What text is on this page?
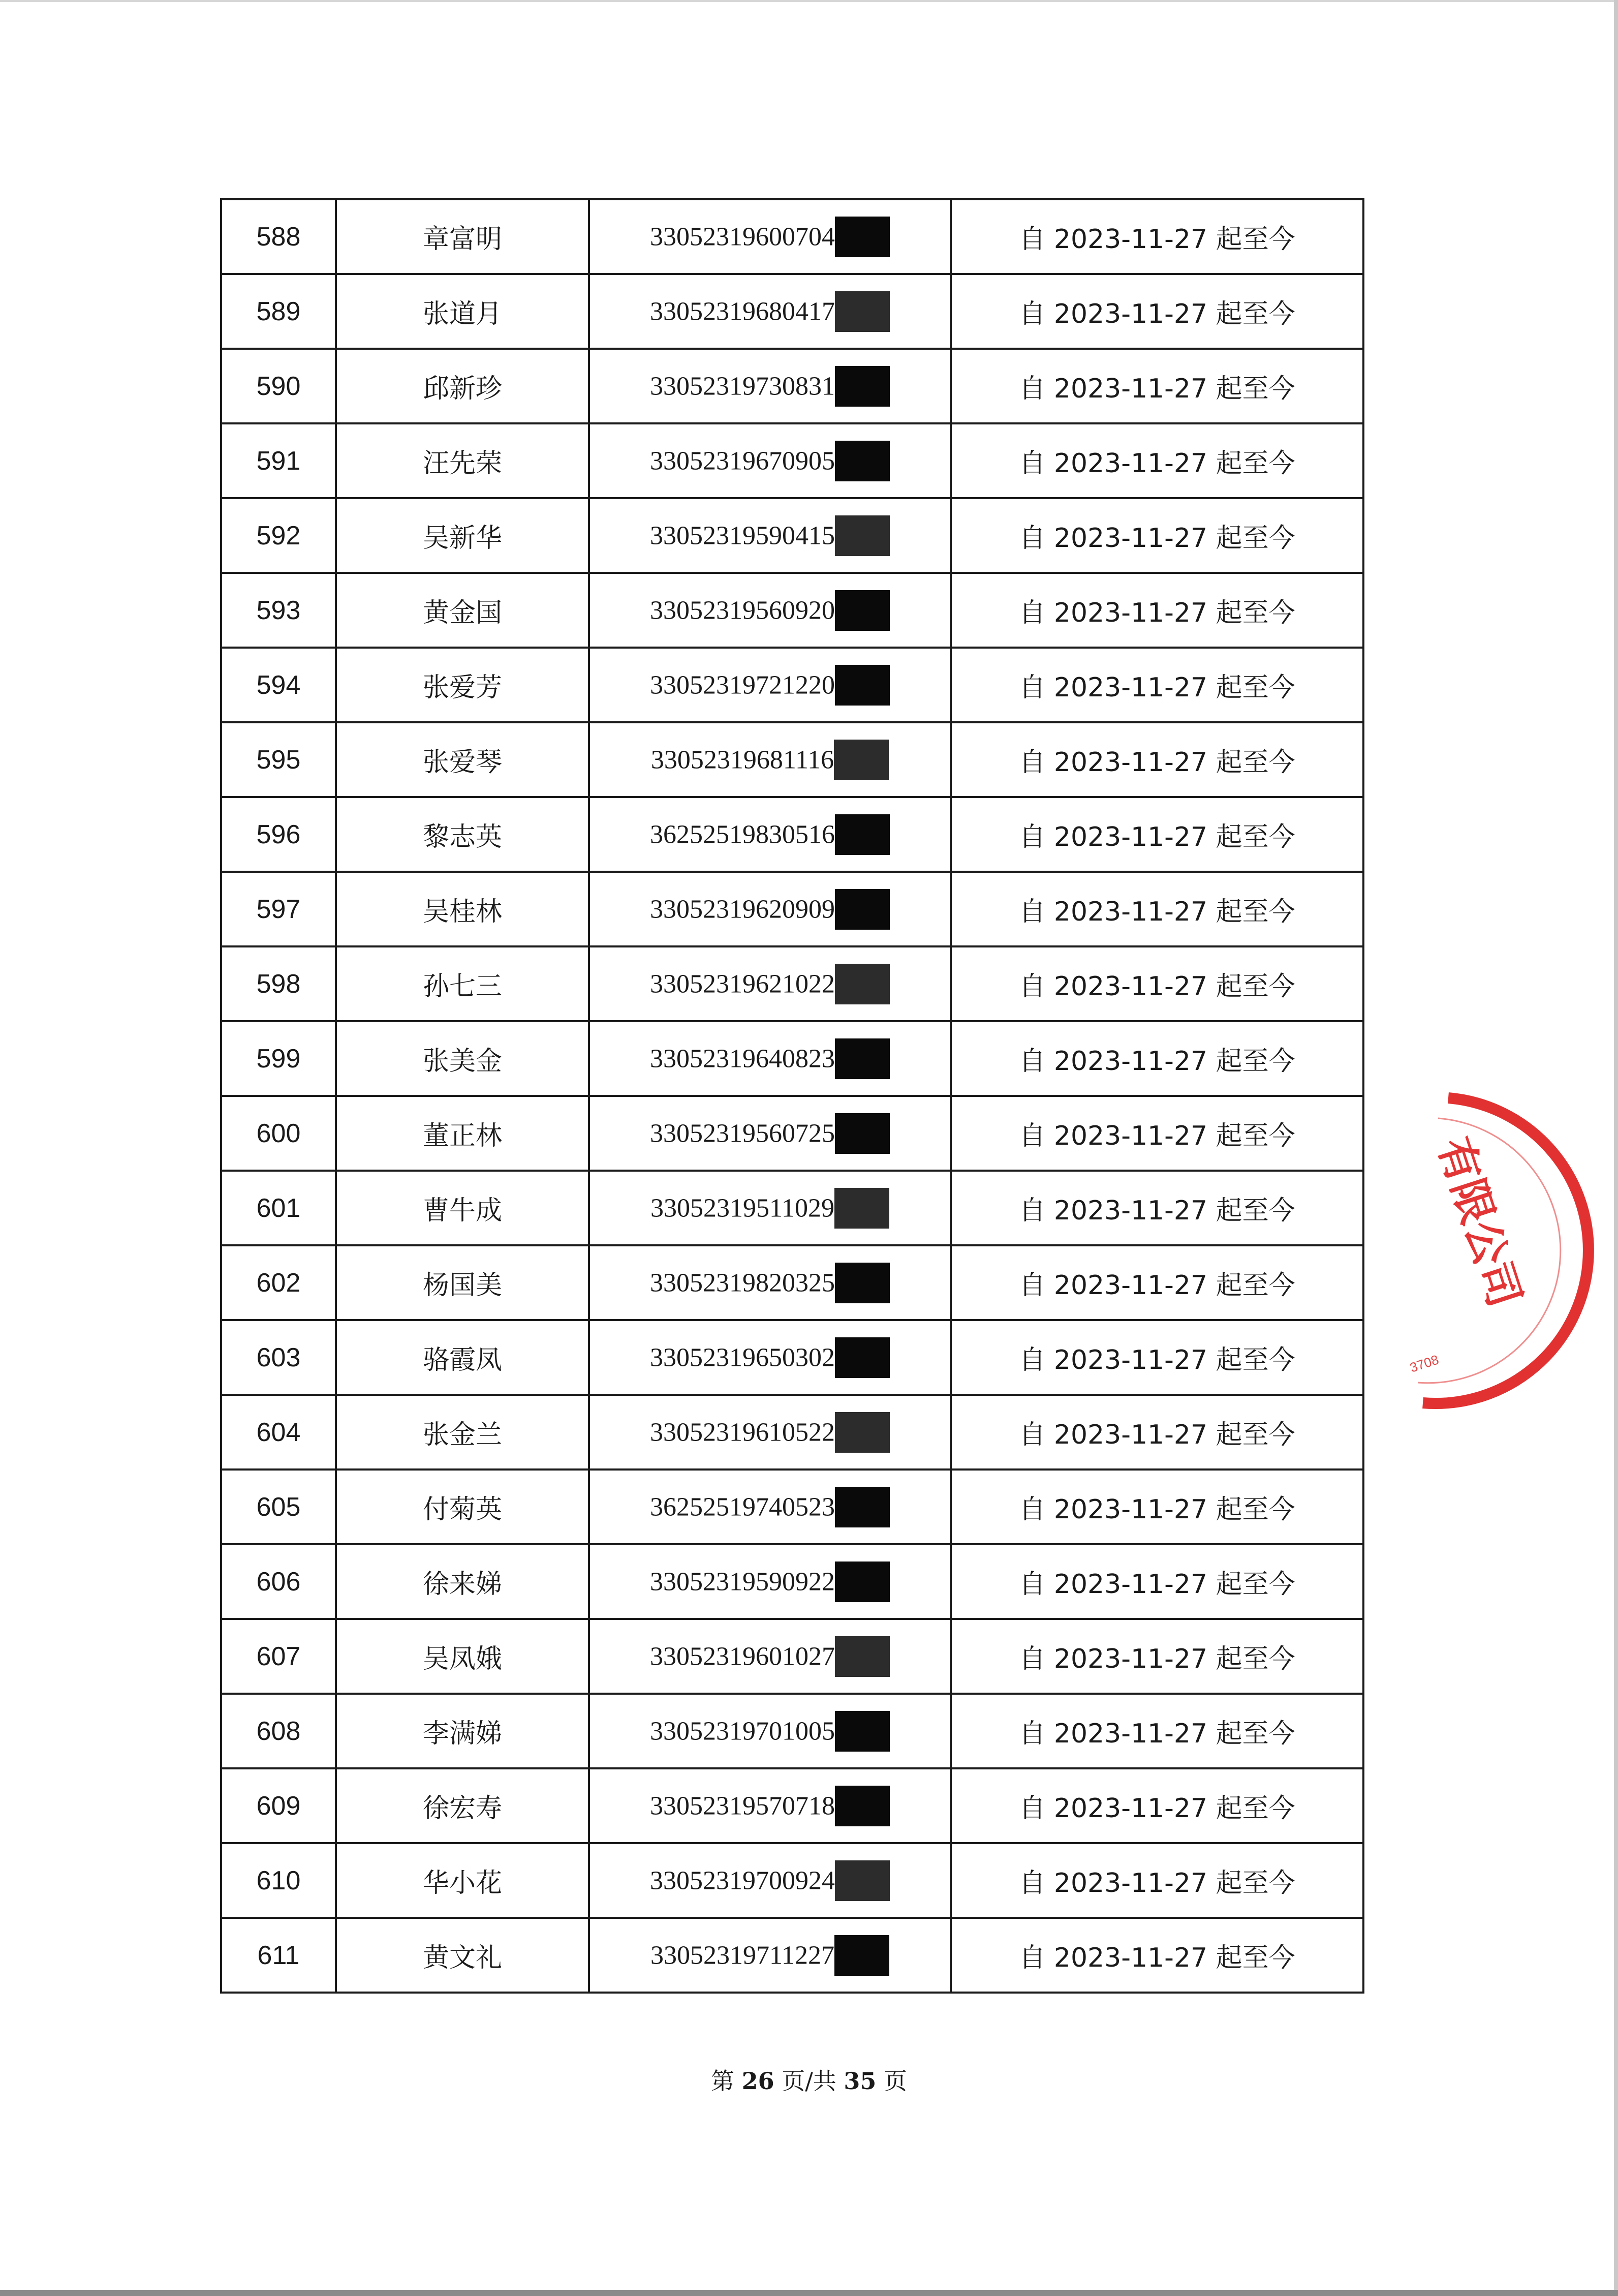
588	章富明	33052319600704	自 2023-11-27 起至今
589	张道月	33052319680417	自 2023-11-27 起至今
590	邱新珍	33052319730831	自 2023-11-27 起至今
591	汪先荣	33052319670905	自 2023-11-27 起至今
592	吴新华	33052319590415	自 2023-11-27 起至今
593	黄金国	33052319560920	自 2023-11-27 起至今
594	张爱芳	33052319721220	自 2023-11-27 起至今
595	张爱琴	33052319681116	自 2023-11-27 起至今
596	黎志英	36252519830516	自 2023-11-27 起至今
597	吴桂林	33052319620909	自 2023-11-27 起至今
598	孙七三	33052319621022	自 2023-11-27 起至今
599	张美金	33052319640823	自 2023-11-27 起至今
600	董正林	33052319560725	自 2023-11-27 起至今
601	曹牛成	33052319511029	自 2023-11-27 起至今
602	杨国美	33052319820325	自 2023-11-27 起至今
603	骆霞凤	33052319650302	自 2023-11-27 起至今
604	张金兰	33052319610522	自 2023-11-27 起至今
605	付菊英	36252519740523	自 2023-11-27 起至今
606	徐来娣	33052319590922	自 2023-11-27 起至今
607	吴凤娥	33052319601027	自 2023-11-27 起至今
608	李满娣	33052319701005	自 2023-11-27 起至今
609	徐宏寿	33052319570718	自 2023-11-27 起至今
610	华小花	33052319700924	自 2023-11-27 起至今
611	黄文礼	33052319711227	自 2023-11-27 起至今
第 26 页/共 35 页
有限公司
3708
